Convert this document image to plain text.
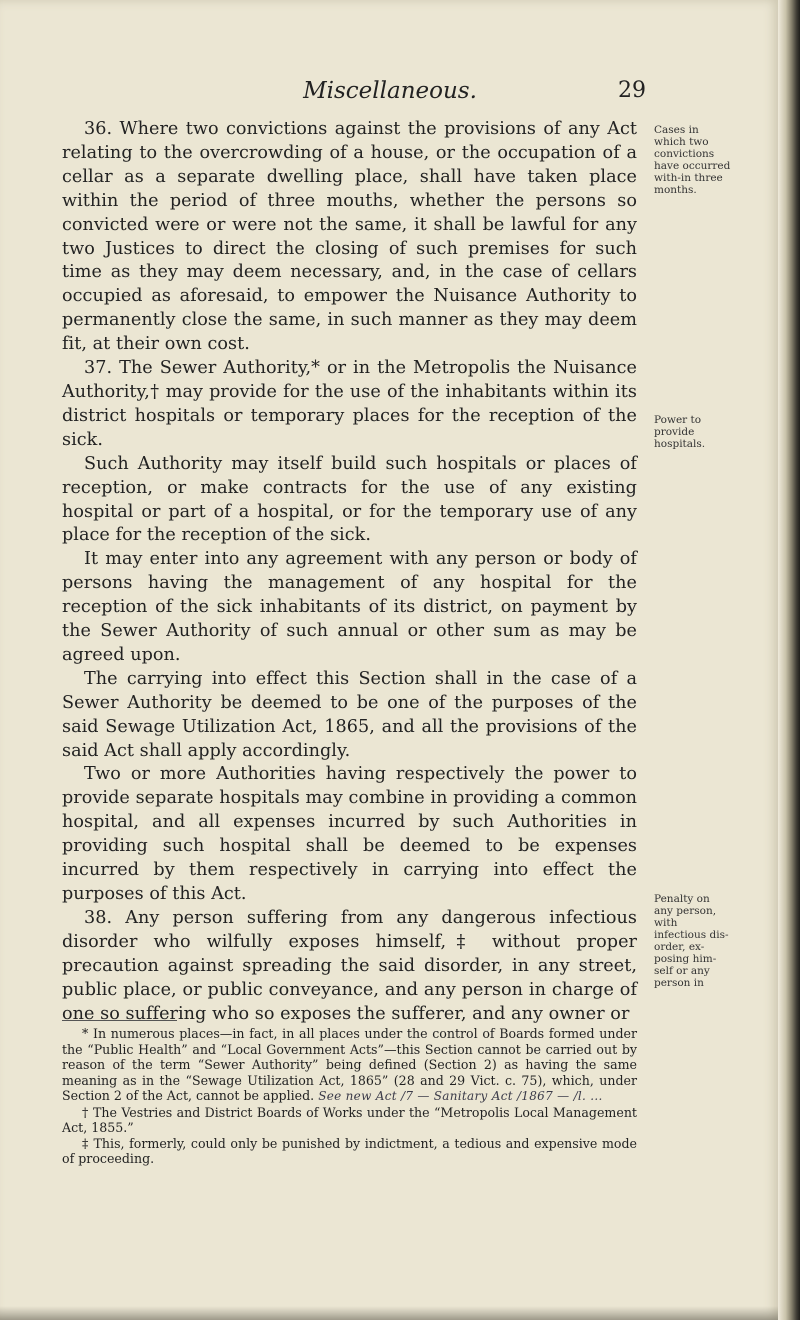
Miscellaneous.	29

36. Where two convictions against the provisions of any Act relating to the overcrowding of a house, or the occupation of a cellar as a separate dwelling place, shall have taken place within the period of three mouths, whether the persons so convicted were or were not the same, it shall be lawful for any two Justices to direct the closing of such premises for such time as they may deem necessary, and, in the case of cellars occupied as aforesaid, to empower the Nuisance Authority to permanently close the same, in such manner as they may deem fit, at their own cost.

37. The Sewer Authority,* or in the Metropolis the Nuisance Authority,† may provide for the use of the inhabitants within its district hospitals or temporary places for the reception of the sick.

Such Authority may itself build such hospitals or places of reception, or make contracts for the use of any existing hospital or part of a hospital, or for the temporary use of any place for the reception of the sick.

It may enter into any agreement with any person or body of persons having the management of any hospital for the reception of the sick inhabitants of its district, on payment by the Sewer Authority of such annual or other sum as may be agreed upon.

The carrying into effect this Section shall in the case of a Sewer Authority be deemed to be one of the purposes of the said Sewage Utilization Act, 1865, and all the provisions of the said Act shall apply accordingly.

Two or more Authorities having respectively the power to provide separate hospitals may combine in providing a common hospital, and all expenses incurred by such Authorities in providing such hospital shall be deemed to be expenses incurred by them respectively in carrying into effect the purposes of this Act.

38. Any person suffering from any dangerous infectious disorder who wilfully exposes himself,‡ without proper precaution against spreading the said disorder, in any street, public place, or public conveyance, and any person in charge of one so suffering who so exposes the sufferer, and any owner or

Cases in which two convictions have occurred with-in three months.
Power to provide hospitals.
Penalty on any person, with infectious dis-order, ex-posing him-self or any person in

* In numerous places—in fact, in all places under the control of Boards formed under the “Public Health” and “Local Government Acts”—this Section cannot be carried out by reason of the term “Sewer Authority” being defined (Section 2) as having the same meaning as in the “Sewage Utilization Act, 1865” (28 and 29 Vict. c. 75), which, under Section 2 of the Act, cannot be applied. See new Act /7 — Sanitary Act /1867 — /l. ...

† The Vestries and District Boards of Works under the “Metropolis Local Management Act, 1855.”

‡ This, formerly, could only be punished by indictment, a tedious and expensive mode of proceeding.
